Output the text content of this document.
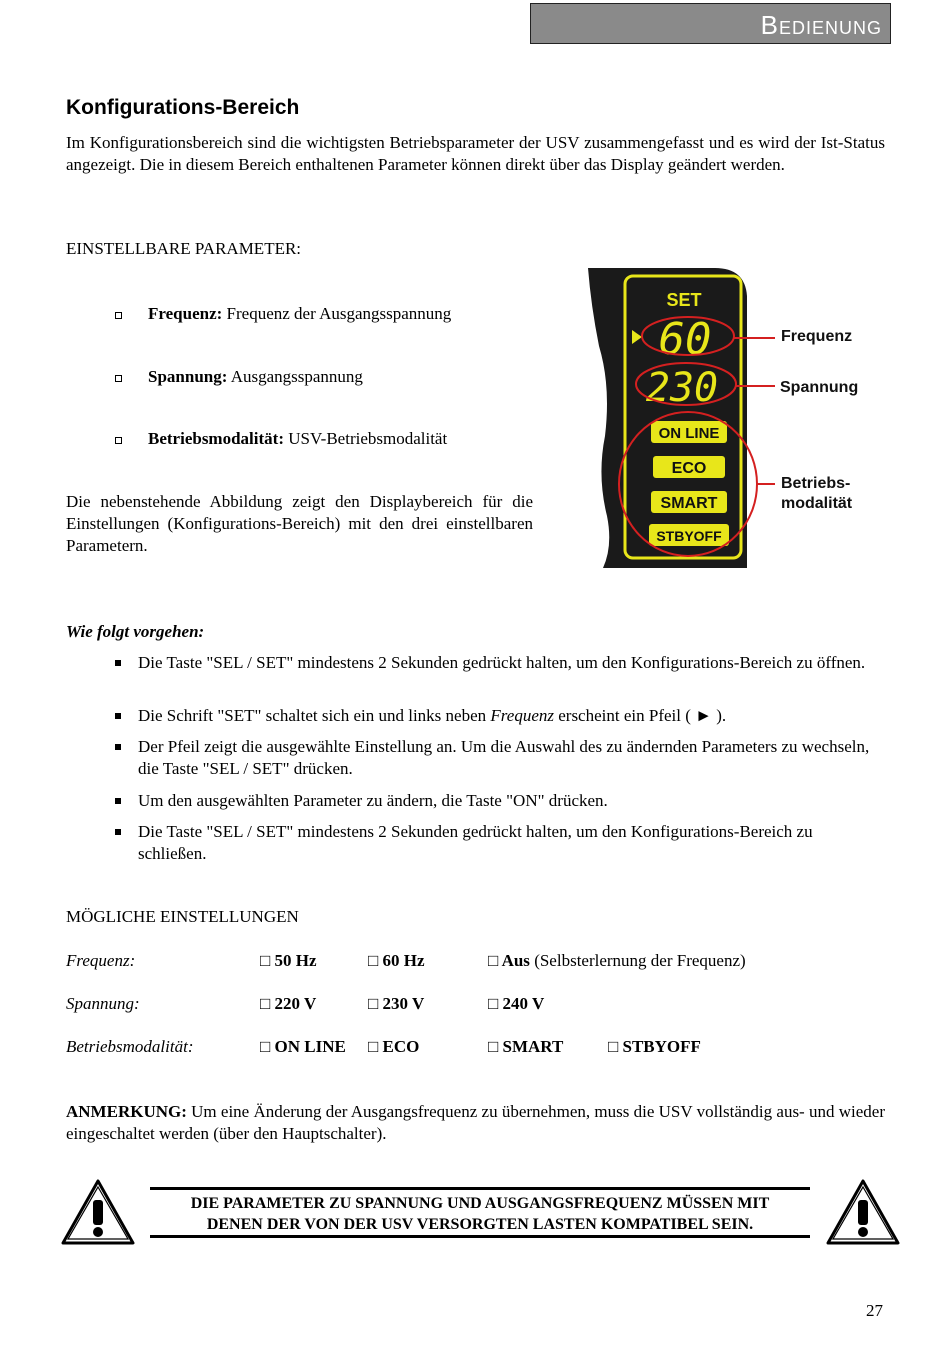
Bedienung
Konfigurations-Bereich
Im Konfigurationsbereich sind die wichtigsten Betriebsparameter der USV zusammengefasst und es wird der Ist-Status angezeigt. Die in diesem Bereich enthaltenen Parameter können direkt über das Display geändert werden.
EINSTELLBARE PARAMETER:
Frequenz: Frequenz der Ausgangsspannung
Spannung: Ausgangsspannung
Betriebsmodalität: USV-Betriebsmodalität
Die nebenstehende Abbildung zeigt den Displaybereich für die Einstellungen (Konfigurations-Bereich) mit den drei einstellbaren Parametern.
SET
60
230
ON LINE
ECO
SMART
STBYOFF
Frequenz
Spannung
Betriebs-
modalität
Wie folgt vorgehen:
Die Taste "SEL / SET" mindestens 2 Sekunden gedrückt halten, um den Konfigurations-Bereich zu öffnen.
Die Schrift "SET" schaltet sich ein und links neben Frequenz erscheint ein Pfeil ( ► ).
Der Pfeil zeigt die ausgewählte Einstellung an. Um die Auswahl des zu ändernden Parameters zu wechseln, die Taste "SEL / SET" drücken.
Um den ausgewählten Parameter zu ändern, die Taste "ON" drücken.
Die Taste "SEL / SET" mindestens 2 Sekunden gedrückt halten, um den Konfigurations-Bereich zu schließen.
MÖGLICHE EINSTELLUNGEN
Frequenz:	□ 50 Hz	□ 60 Hz	□ Aus (Selbsterlernung der Frequenz)
Spannung:	□ 220 V	□ 230 V	□ 240 V
Betriebsmodalität:	□ ON LINE □ ECO	□ SMART	□ STBYOFF
ANMERKUNG: Um eine Änderung der Ausgangsfrequenz zu übernehmen, muss die USV vollständig aus- und wieder eingeschaltet werden (über den Hauptschalter).
DIE PARAMETER ZU SPANNUNG UND AUSGANGSFREQUENZ MÜSSEN MIT
DENEN DER VON DER USV VERSORGTEN LASTEN KOMPATIBEL SEIN.
27
